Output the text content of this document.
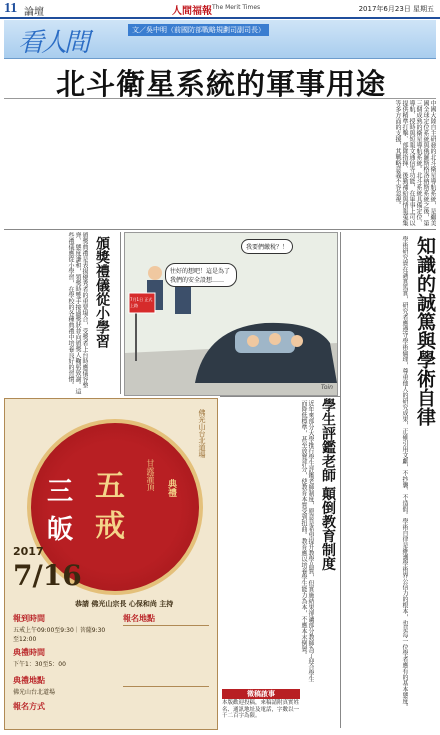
11 論壇	人間福報 The Merit Times	2017年6月23日 星期五
看人間	文／吳中明（前國防部戰略規劃司副司長）
北斗衛星系統的軍事用途
中國大陸自主研發的北斗衛星導航系統，是繼美國全球定位系統與俄羅斯格洛納斯系統之後，第三個成熟的衛星導航系統。北斗系統具備定位、導航、授時與短報文通信等功能，在軍事上可以提供精準打擊、部隊指揮、後勤補給與情報蒐集等多方面的支援，其戰略意義不容忽視。
頒獎典禮是表揚優秀者的重要場合，受獎者上台時應儀容整齊、態度謙和，領獎時雙手接過獎狀並向頒獎人鞠躬致謝。這些禮儀應從小學習，在學校的各種典禮中培養良好的習慣。	頒獎禮儀從小學習	往好的想吧！這是為了我們的安全設想……
我要們繳稅？！
7月1日 正式上路
Toin	知識的誠篤與學術自律
學術研究貴在誠實篤實，研究者應遵守學術倫理，尊重他人的研究成果，正確引用文獻，不抄襲、不造假。學術自律是維護學術界公信力的根本，也是每一位學者應有的基本態度。
學生評鑑老師 顛倒教育制度
近年來部分大學推行學生評鑑老師制度，原意是希望提升教學品質，但實施結果卻讓部分教師為了迎合學生而降低標準，甚至放寬評分，使教育本質受到扭曲。教育應以培養學生能力為本，不應本末倒置。
徵稿啟事
本版歡迎投稿，來稿請附真實姓名、通訊地址及電話，字數以一千二百字為限。
三
皈
五
戒
典禮
甘露灌頂
佛光山台北道場
2017
7/16
恭請 佛光山宗長 心保和尚 主持
報到時間
五戒上午09:00至9:30｜菩薩9:30至12:00
報名地點
典禮時間
下午1：30至5：00
典禮地點
佛光山台北道場
報名方式
